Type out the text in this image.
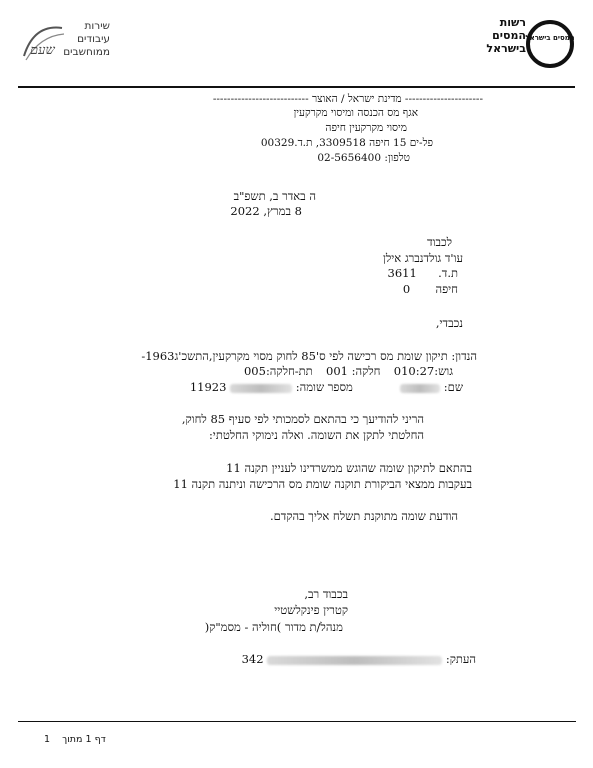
שעם
שירות
עיבודים
ממוחשבים
רשות
המסים
בישראל
המסים בישראל
---------------------- מדינת ישראל / האוצר ---------------------------
אגף מס הכנסה ומיסוי מקרקעין
מיסוי מקרקעין חיפה
פל-ים 15 חיפה 3309518, ת.ד.00329
טלפון: 02-5656400
ה באדר ב, תשפ"ב
8 במרץ, 2022
לכבוד
עו'ד גולדנברג אילן
ת.ד.  3611
חיפה  0
נכבדי,
הנדון: תיקון שומת מס רכישה לפי ס'85 לחוק מסוי מקרקעין,התשכ'ג1963-
גוש:010:27  חלקה: 001  תת-חלקה:005
שם:   מספר שומה:  11923
הריני להודיעך כי בהתאם לסמכותי לפי סעיף 85 לחוק,
החלטתי לתקן את השומה. ואלה נימוקי החלטתי:
בהתאם לתיקון שומה שהוגש ממשרדינו לעניין תקנה 11
בעקבות ממצאי הביקורת תוקנה שומת מס הרכישה וניתנה תקנה 11
הודעת שומה מתוקנת תשלח אליך בהקדם.
בכבוד רב,
קטרין פינקלשטיי
מנהל/ת מדור )חוליה - מסמ"ק(
העתק:  342
דף 1 מתוך  1
